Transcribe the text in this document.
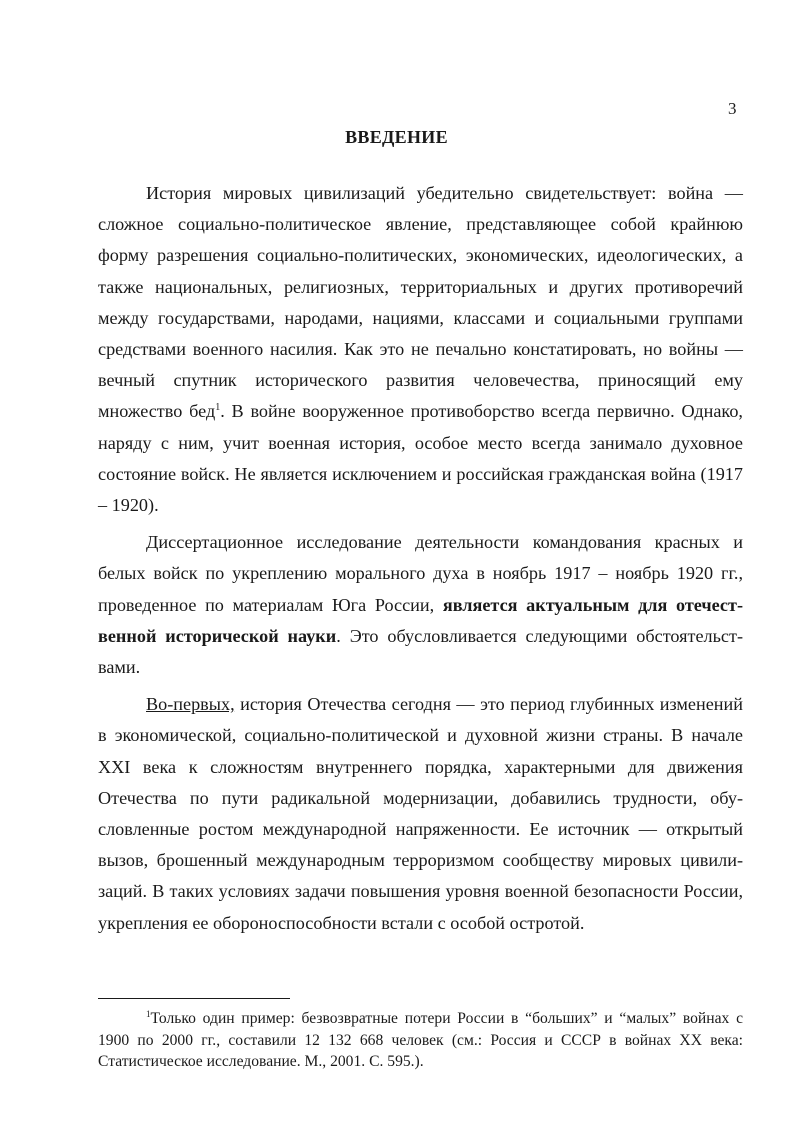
3
ВВЕДЕНИЕ

История мировых цивилизаций убедительно свидетельствует: война — сложное социально-политическое явление, представляющее собой крайнюю форму разрешения социально-политических, экономических, идеологических, а также национальных, религиозных, территориальных и других противоречий между государствами, народами, нациями, классами и социальными группами средствами военного насилия. Как это не печально констатировать, но войны — вечный спутник исторического развития человечества, приносящий ему множество бед$^1$. В войне вооруженное противоборство всегда первично. Однако, наряду с ним, учит военная история, особое место всегда занимало духовное состояние войск. Не является исключением и российская гражданская война (1917 – 1920).

Диссертационное исследование деятельности командования красных и белых войск по укреплению морального духа в ноябрь 1917 – ноябрь 1920 гг., проведенное по материалам Юга России, является актуальным для отечественной исторической науки. Это обусловливается следующими обстоятельствами.

Во-первых, история Отечества сегодня — это период глубинных изменений в экономической, социально-политической и духовной жизни страны. В начале XXI века к сложностям внутреннего порядка, характерными для движения Отечества по пути радикальной модернизации, добавились трудности, обусловленные ростом международной напряженности. Ее источник — открытый вызов, брошенный международным терроризмом сообществу мировых цивилизаций. В таких условиях задачи повышения уровня военной безопасности России, укрепления ее обороноспособности встали с особой остротой.

$^1$Только один пример: безвозвратные потери России в “больших” и “малых” войнах с 1900 по 2000 гг., составили 12 132 668 человек (см.: Россия и СССР в войнах XX века: Статистическое исследование. М., 2001. С. 595.).
